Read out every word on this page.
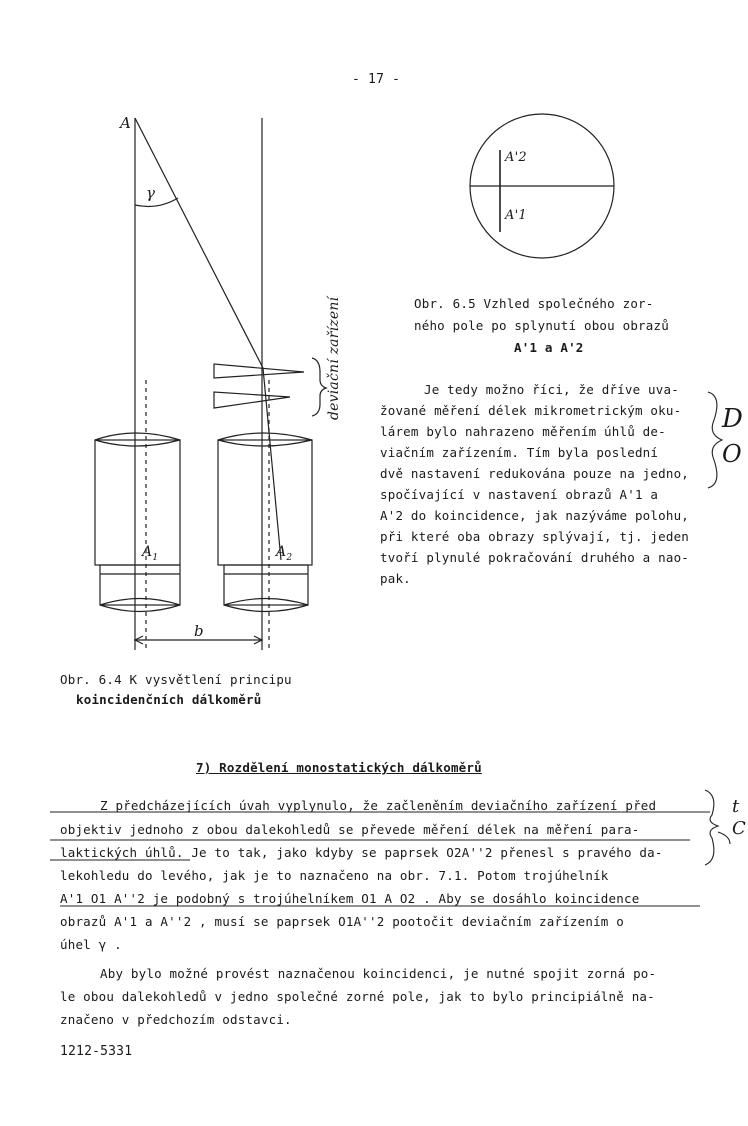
- 17 -
A
γ
$A_1$	$A_2$
b
deviační zařízení
Obr. 6.4 K vysvětlení principu
koincidenčních dálkoměrů
A'2
A'1
Obr. 6.5 Vzhled společného zor-
ného pole po splynutí obou obrazů
A'1 a A'2
Je tedy možno říci, že dříve uva-
žované měření délek mikrometrickým oku-
lárem bylo nahrazeno měřením úhlů de-
viačním zařízením. Tím byla poslední
dvě nastavení redukována pouze na jedno,
spočívající v nastavení obrazů A'1 a
A'2 do koincidence, jak nazýváme polohu,
při které oba obrazy splývají, tj. jeden
tvoří plynulé pokračování druhého a nao-
pak.
D
O
t
C
7) Rozdělení monostatických dálkoměrů
Z předcházejících úvah vyplynulo, že začleněním deviačního zařízení před
objektiv jednoho z obou dalekohledů se převede měření délek na měření para-
laktických úhlů. Je to tak, jako kdyby se paprsek O2A''2 přenesl s pravého da-
lekohledu do levého, jak je to naznačeno na obr. 7.1. Potom trojúhelník
A'1 O1 A''2 je podobný s trojúhelníkem O1 A O2 . Aby se dosáhlo koincidence
obrazů A'1 a A''2 , musí se paprsek O1A''2 pootočit deviačním zařízením o
úhel γ .
Aby bylo možné provést naznačenou koincidenci, je nutné spojit zorná po-
le obou dalekohledů v jedno společné zorné pole, jak to bylo principiálně na-
značeno v předchozím odstavci.
1212-5331
